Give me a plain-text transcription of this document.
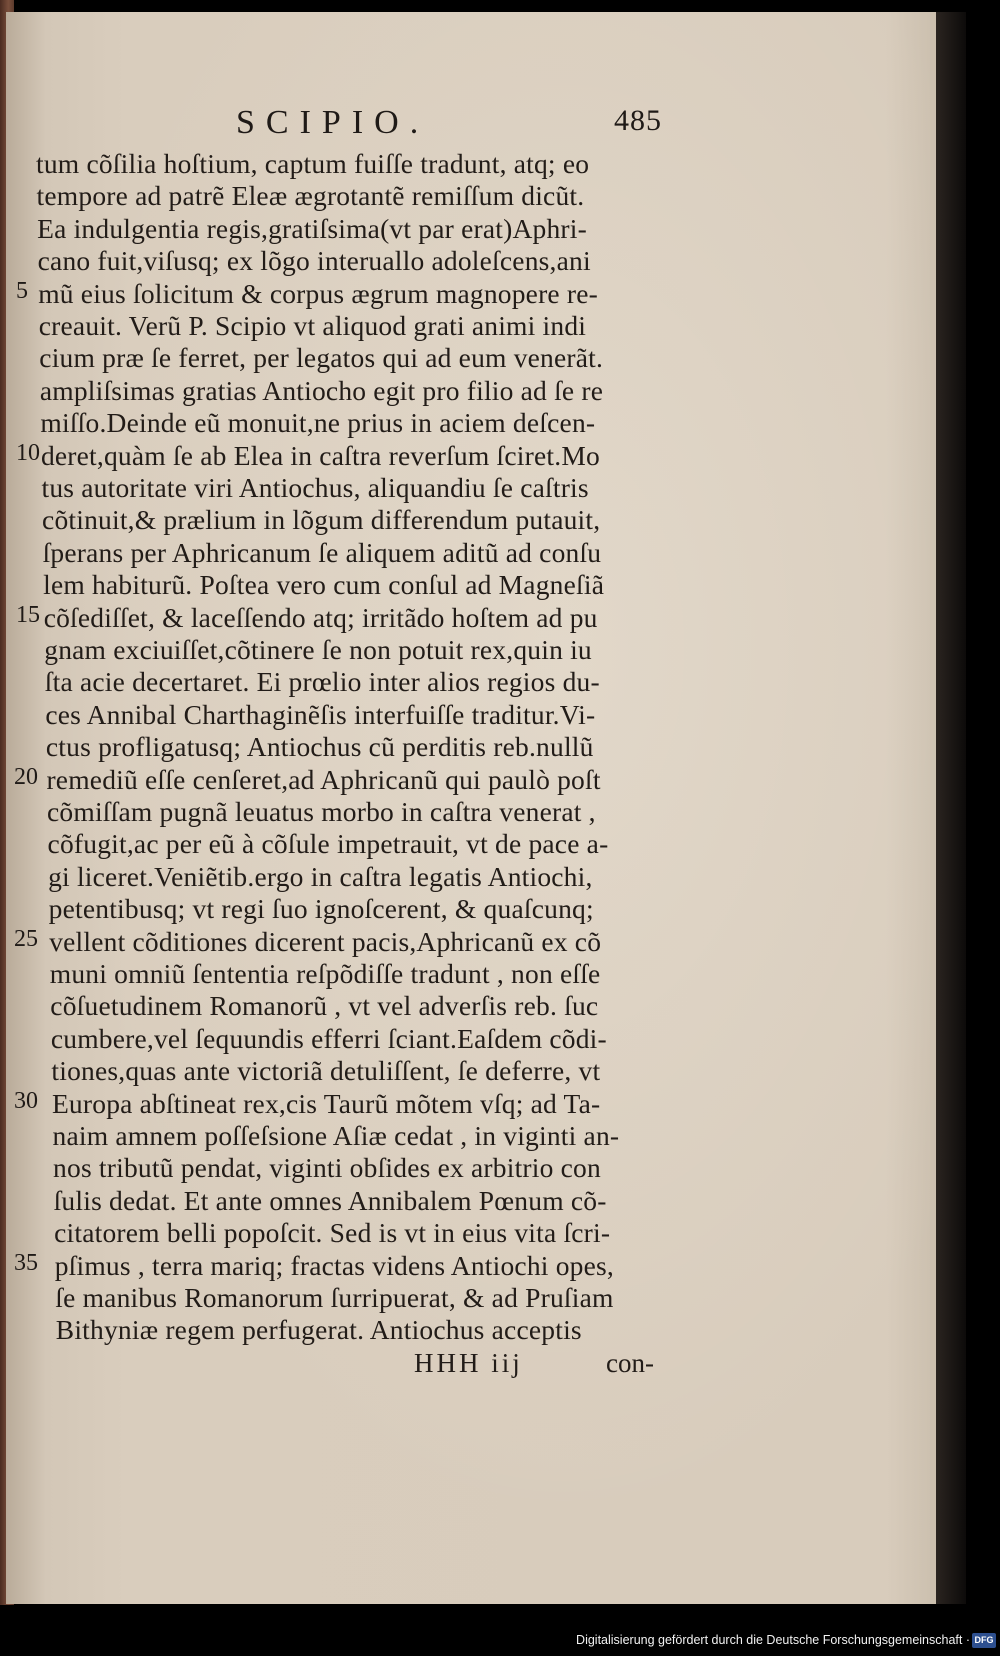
SCIPIO.	485
tum cõſilia hoſtium, captum fuiſſe tradunt, atq; eo
tempore ad patrẽ Eleæ ægrotantẽ remiſſum dicũt.
Ea indulgentia regis,gratiſsima(vt par erat)Aphri-
cano fuit,viſusq; ex lõgo interuallo adoleſcens,ani
5 mũ eius ſolicitum & corpus ægrum magnopere re-
creauit. Verũ P. Scipio vt aliquod grati animi indi
cium præ ſe ferret, per legatos qui ad eum venerãt.
ampliſsimas gratias Antiocho egit pro filio ad ſe re
miſſo.Deinde eũ monuit,ne prius in aciem deſcen-
10 deret,quàm ſe ab Elea in caſtra reverſum ſciret.Mo
tus autoritate viri Antiochus, aliquandiu ſe caſtris
cõtinuit,& prælium in lõgum differendum putauit,
ſperans per Aphricanum ſe aliquem aditũ ad conſu
lem habiturũ. Poſtea vero cum conſul ad Magneſiã
15 cõſediſſet, & laceſſendo atq; irritãdo hoſtem ad pu
gnam exciuiſſet,cõtinere ſe non potuit rex,quin iu
ſta acie decertaret. Ei prœlio inter alios regios du-
ces Annibal Charthaginẽſis interfuiſſe traditur.Vi-
ctus profligatusq; Antiochus cũ perditis reb.nullũ
20 remediũ eſſe cenſeret,ad Aphricanũ qui paulò poſt
cõmiſſam pugnã leuatus morbo in caſtra venerat ,
cõfugit,ac per eũ à cõſule impetrauit, vt de pace a-
gi liceret.Veniẽtib.ergo in caſtra legatis Antiochi,
petentibusq; vt regi ſuo ignoſcerent, & quaſcunq;
25 vellent cõditiones dicerent pacis,Aphricanũ ex cõ
muni omniũ ſententia reſpõdiſſe tradunt , non eſſe
cõſuetudinem Romanorũ , vt vel adverſis reb. ſuc
cumbere,vel ſequundis efferri ſciant.Eaſdem cõdi-
tiones,quas ante victoriã detuliſſent, ſe deferre, vt
30 Europa abſtineat rex,cis Taurũ mõtem vſq; ad Ta-
naim amnem poſſeſsione Aſiæ cedat , in viginti an-
nos tributũ pendat, viginti obſides ex arbitrio con
ſulis dedat. Et ante omnes Annibalem Pœnum cõ-
citatorem belli popoſcit. Sed is vt in eius vita ſcri-
35 pſimus , terra mariq; fractas videns Antiochi opes,
ſe manibus Romanorum ſurripuerat, & ad Pruſiam
Bithyniæ regem perfugerat. Antiochus acceptis
HHH iij	con-
Digitalisierung gefördert durch die Deutsche Forschungsgemeinschaft · DFG
